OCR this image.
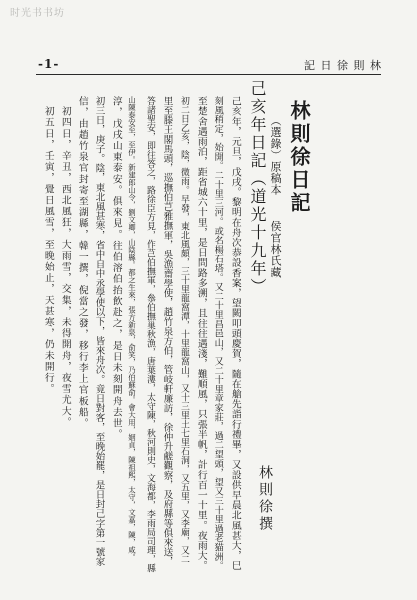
时光书书坊
-1-	記 日 徐 則 林
林則徐日記
（選錄）原稿本 　侯官林氏藏
林則徐撰
己亥年日記（道光十九年）
己亥年，元旦，戊戌。黎明在舟次恭設香案，望闕叩頭慶賀，隨在艙先詣行禮畢，又設供早晨北風甚大，巳
刻風稍定，始開。二十里三河。或名楊石塔。又二十里昌邑山，又二十里章家莊，過二望頭，望又三十里過老猫洲。
至楚舍遇雨泊，距省城六十里，是日問路多溯，且往往遇淺，難順風，只張半帆，計行百一十里。夜雨大。
初二日乙亥，陰，微雨。早發，東北風頗，三十里龍窩潭，十里龍窩山，又十三里土七里石洞，又五里，又李廟，又二
里至滕王閣馬頭，巡撫伯芑雅撫軍，吳漁齋學使，趙竹泉方伯，管岐軒廉訪，徐仲升鹺觀察，及府縣等俱來送，
答諸聖安，即往答之，路徐臣方見，作芑伯撫軍，叅伯撫巢秋漁，唐葉漊，太守陳，秋河則史，文海都，李雨局司理，縣
山陳泰安至，至伊。新建郎山令，劉文卿，山陰縣。都之生來，張方新泉，俞笑，乃伯蘇俞。會大用，姻貞，陳祖熙，太守，文嘉，陳，咸。
淳，戊戌山東泰安。俱來見。往伯溶伯抬飲赴之，是日未刻開舟去世。
初三日，庚子。陰，東北風甚寒，省中自中丞學使以下，皆來舟次。竟日對客，至晚始罷，是日封己字第一號家
信，由趙竹泉官封寄至湖縣，韓一撰，倪當之發，移行李上官板船。
初四日，辛丑，西北風狂，大雨雪，交集，未得開舟，夜雪尤大。
初五日，壬寅，覺日風雪，至晚始止，天甚寒，仍未開行。
